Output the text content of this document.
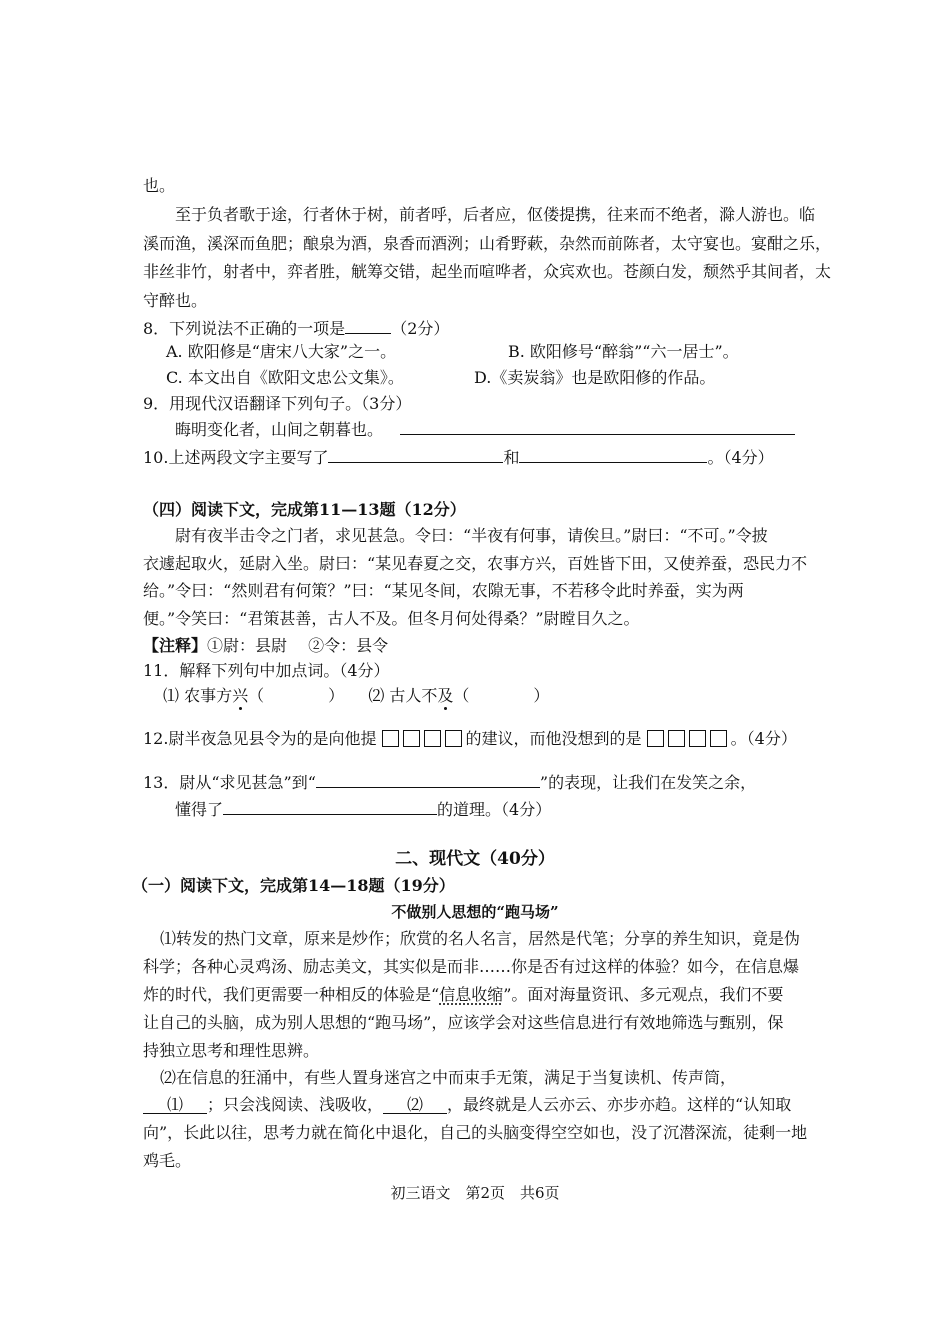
也。
至于负者歌于途，行者休于树，前者呼，后者应，伛偻提携，往来而不绝者，滁人游也。临
溪而渔，溪深而鱼肥；酿泉为酒，泉香而酒洌；山肴野蔌，杂然而前陈者，太守宴也。宴酣之乐，
非丝非竹，射者中，弈者胜，觥筹交错，起坐而喧哗者，众宾欢也。苍颜白发，颓然乎其间者，太
守醉也。
8．下列说法不正确的一项是	（2分）
A. 欧阳修是“唐宋八大家”之一。	B. 欧阳修号“醉翁”“六一居士”。
C. 本文出自《欧阳文忠公文集》。	D.《卖炭翁》也是欧阳修的作品。
9．用现代汉语翻译下列句子。（3分）
晦明变化者，山间之朝暮也。
10.上述两段文字主要写了	和	。（4分）
（四）阅读下文，完成第11—13题（12分）
尉有夜半击令之门者，求见甚急。令曰：“半夜有何事，请俟旦。”尉曰：“不可。”令披
衣遽起取火，延尉入坐。尉曰：“某见春夏之交，农事方兴，百姓皆下田，又使养蚕，恐民力不
给。”令曰：“然则君有何策？”曰：“某见冬间，农隙无事，不若移令此时养蚕，实为两
便。”令笑曰：“君策甚善，古人不及。但冬月何处得桑？”尉瞠目久之。
【注释】①尉：县尉　 ②令：县令
11．解释下列句中加点词。（4分）
⑴ 农事方兴（　　　　） ⑵ 古人不及（　　　　）
12.尉半夜急见县令为的是向他提	的建议，而他没想到的是	。（4分）
13．尉从“求见甚急”到“	”的表现，让我们在发笑之余，
懂得了	的道理。（4分）
二、现代文（40分）
（一）阅读下文，完成第14—18题（19分）
不做别人思想的“跑马场”
⑴转发的热门文章，原来是炒作；欣赏的名人名言，居然是代笔；分享的养生知识，竟是伪
科学；各种心灵鸡汤、励志美文，其实似是而非……你是否有过这样的体验？如今，在信息爆
炸的时代，我们更需要一种相反的体验是“信息收缩”。面对海量资讯、多元观点，我们不要
让自己的头脑，成为别人思想的“跑马场”，应该学会对这些信息进行有效地筛选与甄别，保
持独立思考和理性思辨。
⑵在信息的狂涌中，有些人置身迷宫之中而束手无策，满足于当复读机、传声筒，
⑴ ；只会浅阅读、浅吸收， ⑵ ，最终就是人云亦云、亦步亦趋。这样的“认知取
向”，长此以往，思考力就在简化中退化，自己的头脑变得空空如也，没了沉潜深流，徒剩一地
鸡毛。
初三语文　第2页　共6页
